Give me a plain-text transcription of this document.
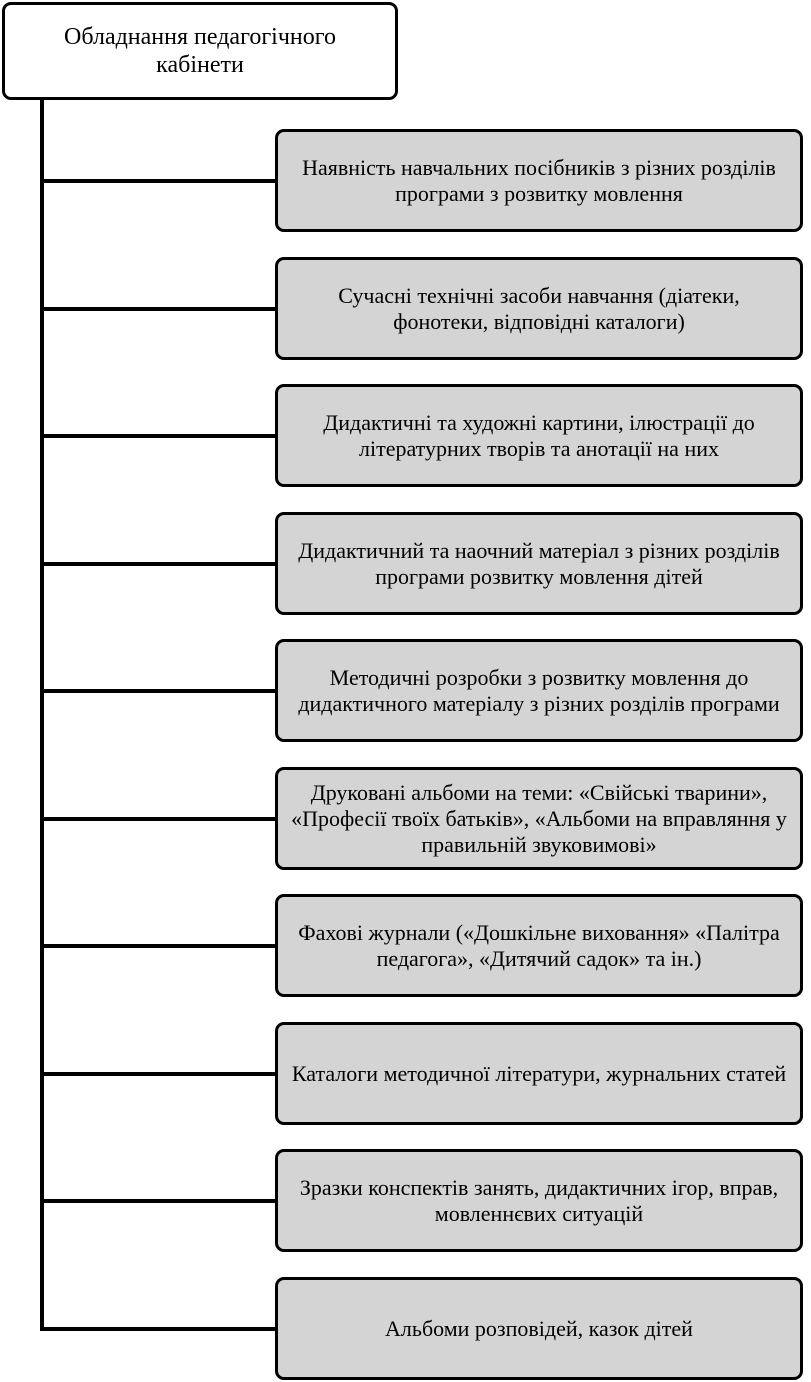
Обладнання педагогічного кабінети
Наявність навчальних посібників з різних розділів програми з розвитку мовлення
Сучасні технічні засоби навчання (діатеки, фонотеки, відповідні каталоги)
Дидактичні та художні картини, ілюстрації до літературних творів та анотації на них
Дидактичний та наочний матеріал з різних розділів програми розвитку мовлення дітей
Методичні розробки з розвитку мовлення до дидактичного матеріалу з різних розділів програми
Друковані альбоми на теми: «Свійські тварини», «Професії твоїх батьків», «Альбоми на вправляння у правильній звуковимові»
Фахові журнали («Дошкільне виховання» «Палітра педагога», «Дитячий садок» та ін.)
Каталоги методичної літератури, журнальних статей
Зразки конспектів занять, дидактичних ігор, вправ, мовленнєвих ситуацій
Альбоми розповідей, казок дітей
